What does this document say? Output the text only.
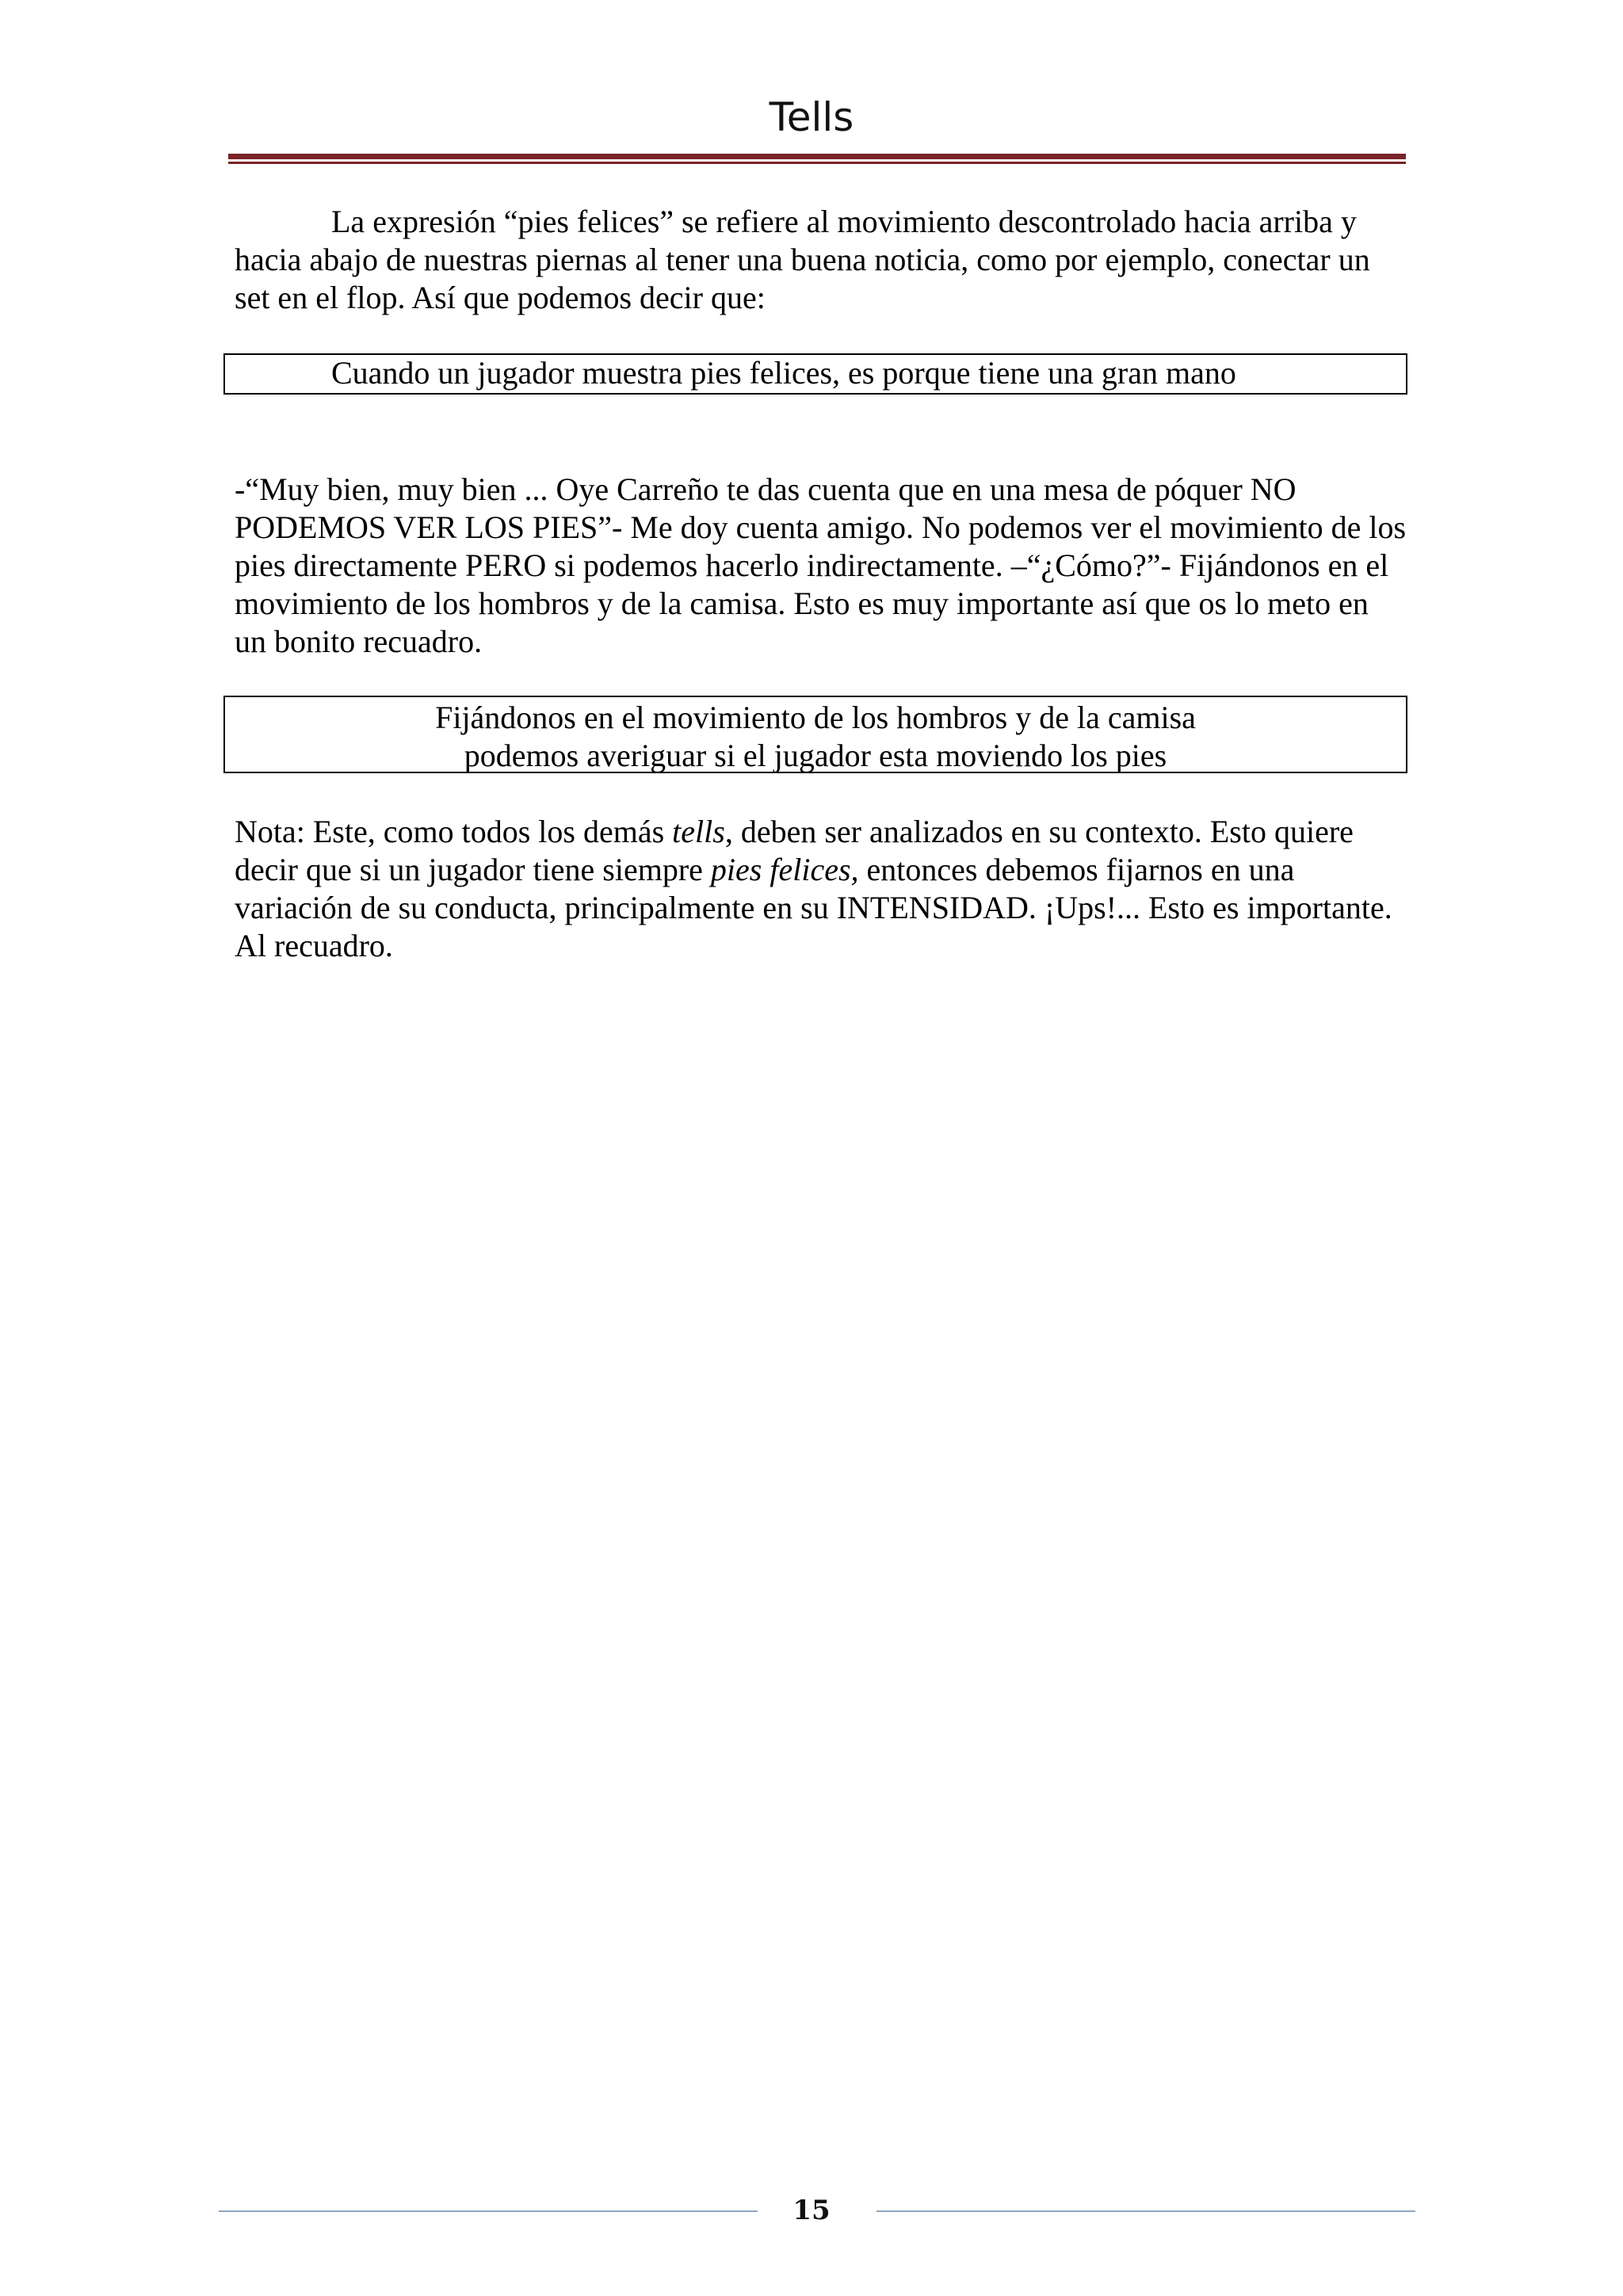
Tells

La expresión “pies felices” se refiere al movimiento descontrolado hacia arriba y hacia abajo de nuestras piernas al tener una buena noticia, como por ejemplo, conectar un set en el flop. Así que podemos decir que:

Cuando un jugador muestra pies felices, es porque tiene una gran mano

-“Muy bien, muy bien ... Oye Carreño te das cuenta que en una mesa de póquer NO PODEMOS VER LOS PIES”- Me doy cuenta amigo. No podemos ver el movimiento de los pies directamente PERO si podemos hacerlo indirectamente. –“¿Cómo?”- Fijándonos en el movimiento de los hombros y de la camisa. Esto es muy importante así que os lo meto en un bonito recuadro.

Fijándonos en el movimiento de los hombros y de la camisa
podemos averiguar si el jugador esta moviendo los pies

Nota: Este, como todos los demás tells, deben ser analizados en su contexto. Esto quiere decir que si un jugador tiene siempre pies felices, entonces debemos fijarnos en una variación de su conducta, principalmente en su INTENSIDAD. ¡Ups!... Esto es importante. Al recuadro.

15
